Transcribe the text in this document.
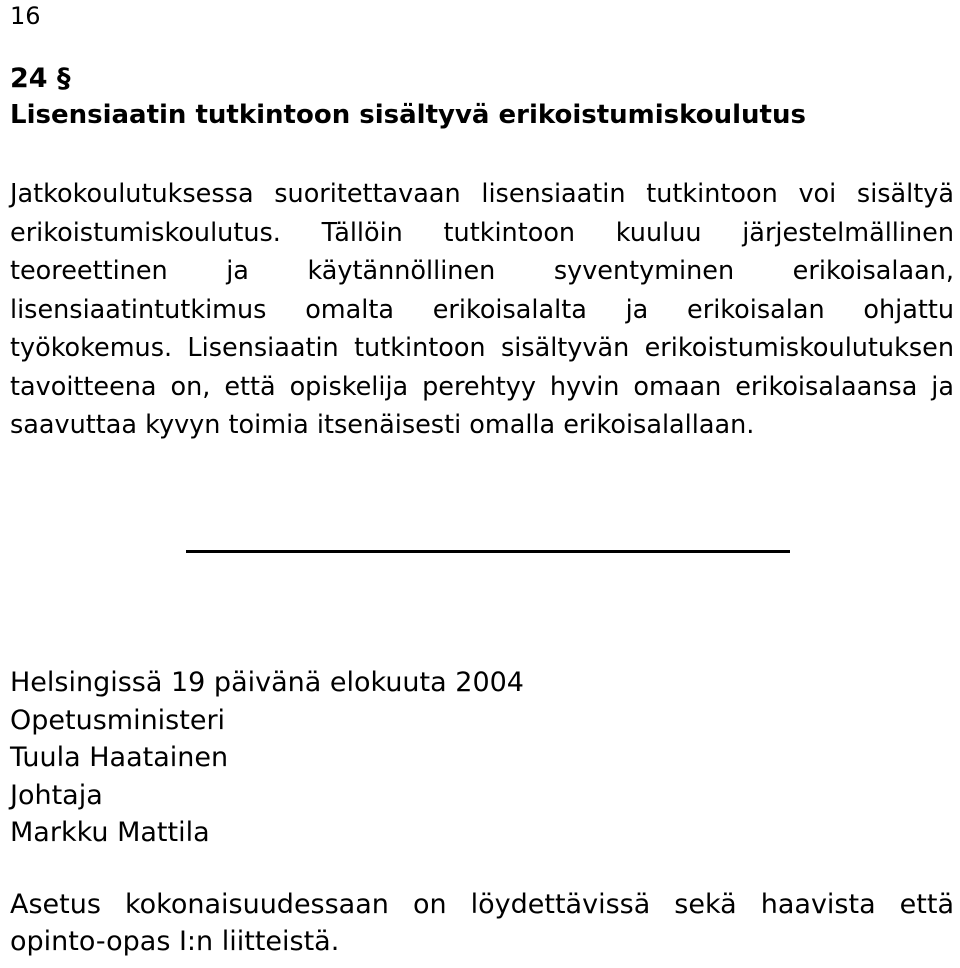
16
24 §
Lisensiaatin tutkintoon sisältyvä erikoistumiskoulutus

Jatkokoulutuksessa suoritettavaan lisensiaatin tutkintoon voi sisältyä erikoistumiskoulutus. Tällöin tutkintoon kuuluu järjestelmällinen teoreettinen ja käytännöllinen syventyminen erikoisalaan, lisensiaatintutkimus omalta erikoisalalta ja erikoisalan ohjattu työkokemus. Lisensiaatin tutkintoon sisältyvän erikoistumiskoulutuksen tavoitteena on, että opiskelija perehtyy hyvin omaan erikoisalaansa ja saavuttaa kyvyn toimia itsenäisesti omalla erikoisalallaan.

Helsingissä 19 päivänä elokuuta 2004
Opetusministeri
Tuula Haatainen
Johtaja
Markku Mattila

Asetus kokonaisuudessaan on löydettävissä sekä haavista että opinto-opas I:n liitteistä.
